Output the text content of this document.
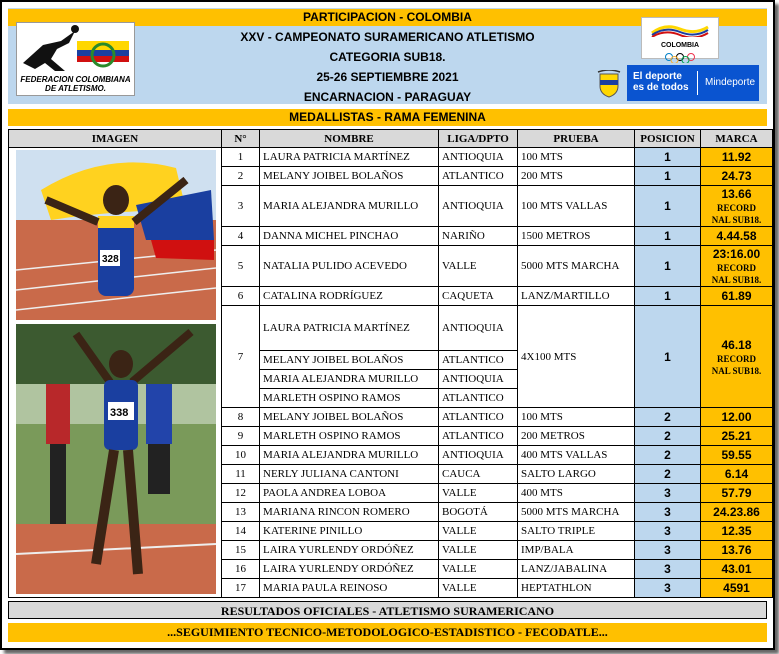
PARTICIPACION - COLOMBIA
XXV - CAMPEONATO SURAMERICANO ATLETISMO
CATEGORIA SUB18.
25-26 SEPTIEMBRE 2021
ENCARNACION - PARAGUAY
MEDALLISTAS - RAMA FEMENINA
FEDERACION COLOMBIANA
DE ATLETISMO.
COLOMBIA
El deporte
es de todos Mindeporte
IMAGEN	N°	NOMBRE	LIGA/DPTO	PRUEBA	POSICION	MARCA

328
338	1	LAURA PATRICIA MARTÍNEZ	ANTIOQUIA	100 MTS	1	11.92

	2	MELANY JOIBEL BOLAÑOS	ATLANTICO	200 MTS	1	24.73

	3	MARIA ALEJANDRA MURILLO	ANTIOQUIA	100 MTS VALLAS	1	13.66
RECORD
NAL SUB18.

	4	DANNA MICHEL PINCHAO	NARIÑO	1500 METROS	1	4.44.58

	5	NATALIA PULIDO ACEVEDO	VALLE	5000 MTS MARCHA	1	23:16.00
RECORD
NAL SUB18.

	6	CATALINA RODRÍGUEZ	CAQUETA	LANZ/MARTILLO	1	61.89

	7	LAURA PATRICIA MARTÍNEZ	ANTIOQUIA	4X100 MTS	1	46.18
RECORD
NAL SUB18.

		MELANY JOIBEL BOLAÑOS	ATLANTICO			
		MARIA ALEJANDRA MURILLO	ANTIOQUIA			
		MARLETH OSPINO RAMOS	ATLANTICO			
	8	MELANY JOIBEL BOLAÑOS	ATLANTICO	100 MTS	2	12.00

	9	MARLETH OSPINO RAMOS	ATLANTICO	200 METROS	2	25.21

	10	MARIA ALEJANDRA MURILLO	ANTIOQUIA	400 MTS VALLAS	2	59.55

	11	NERLY JULIANA CANTONI	CAUCA	SALTO LARGO	2	6.14

	12	PAOLA ANDREA LOBOA	VALLE	400 MTS	3	57.79

	13	MARIANA RINCON ROMERO	BOGOTÁ	5000 MTS MARCHA	3	24.23.86

	14	KATERINE PINILLO	VALLE	SALTO TRIPLE	3	12.35

	15	LAIRA YURLENDY ORDÓÑEZ	VALLE	IMP/BALA	3	13.76

	16	LAIRA YURLENDY ORDÓÑEZ	VALLE	LANZ/JABALINA	3	43.01

	17	MARIA PAULA REINOSO	VALLE	HEPTATHLON	3	4591
RESULTADOS OFICIALES - ATLETISMO SURAMERICANO
...SEGUIMIENTO TECNICO-METODOLOGICO-ESTADISTICO - FECODATLE...
